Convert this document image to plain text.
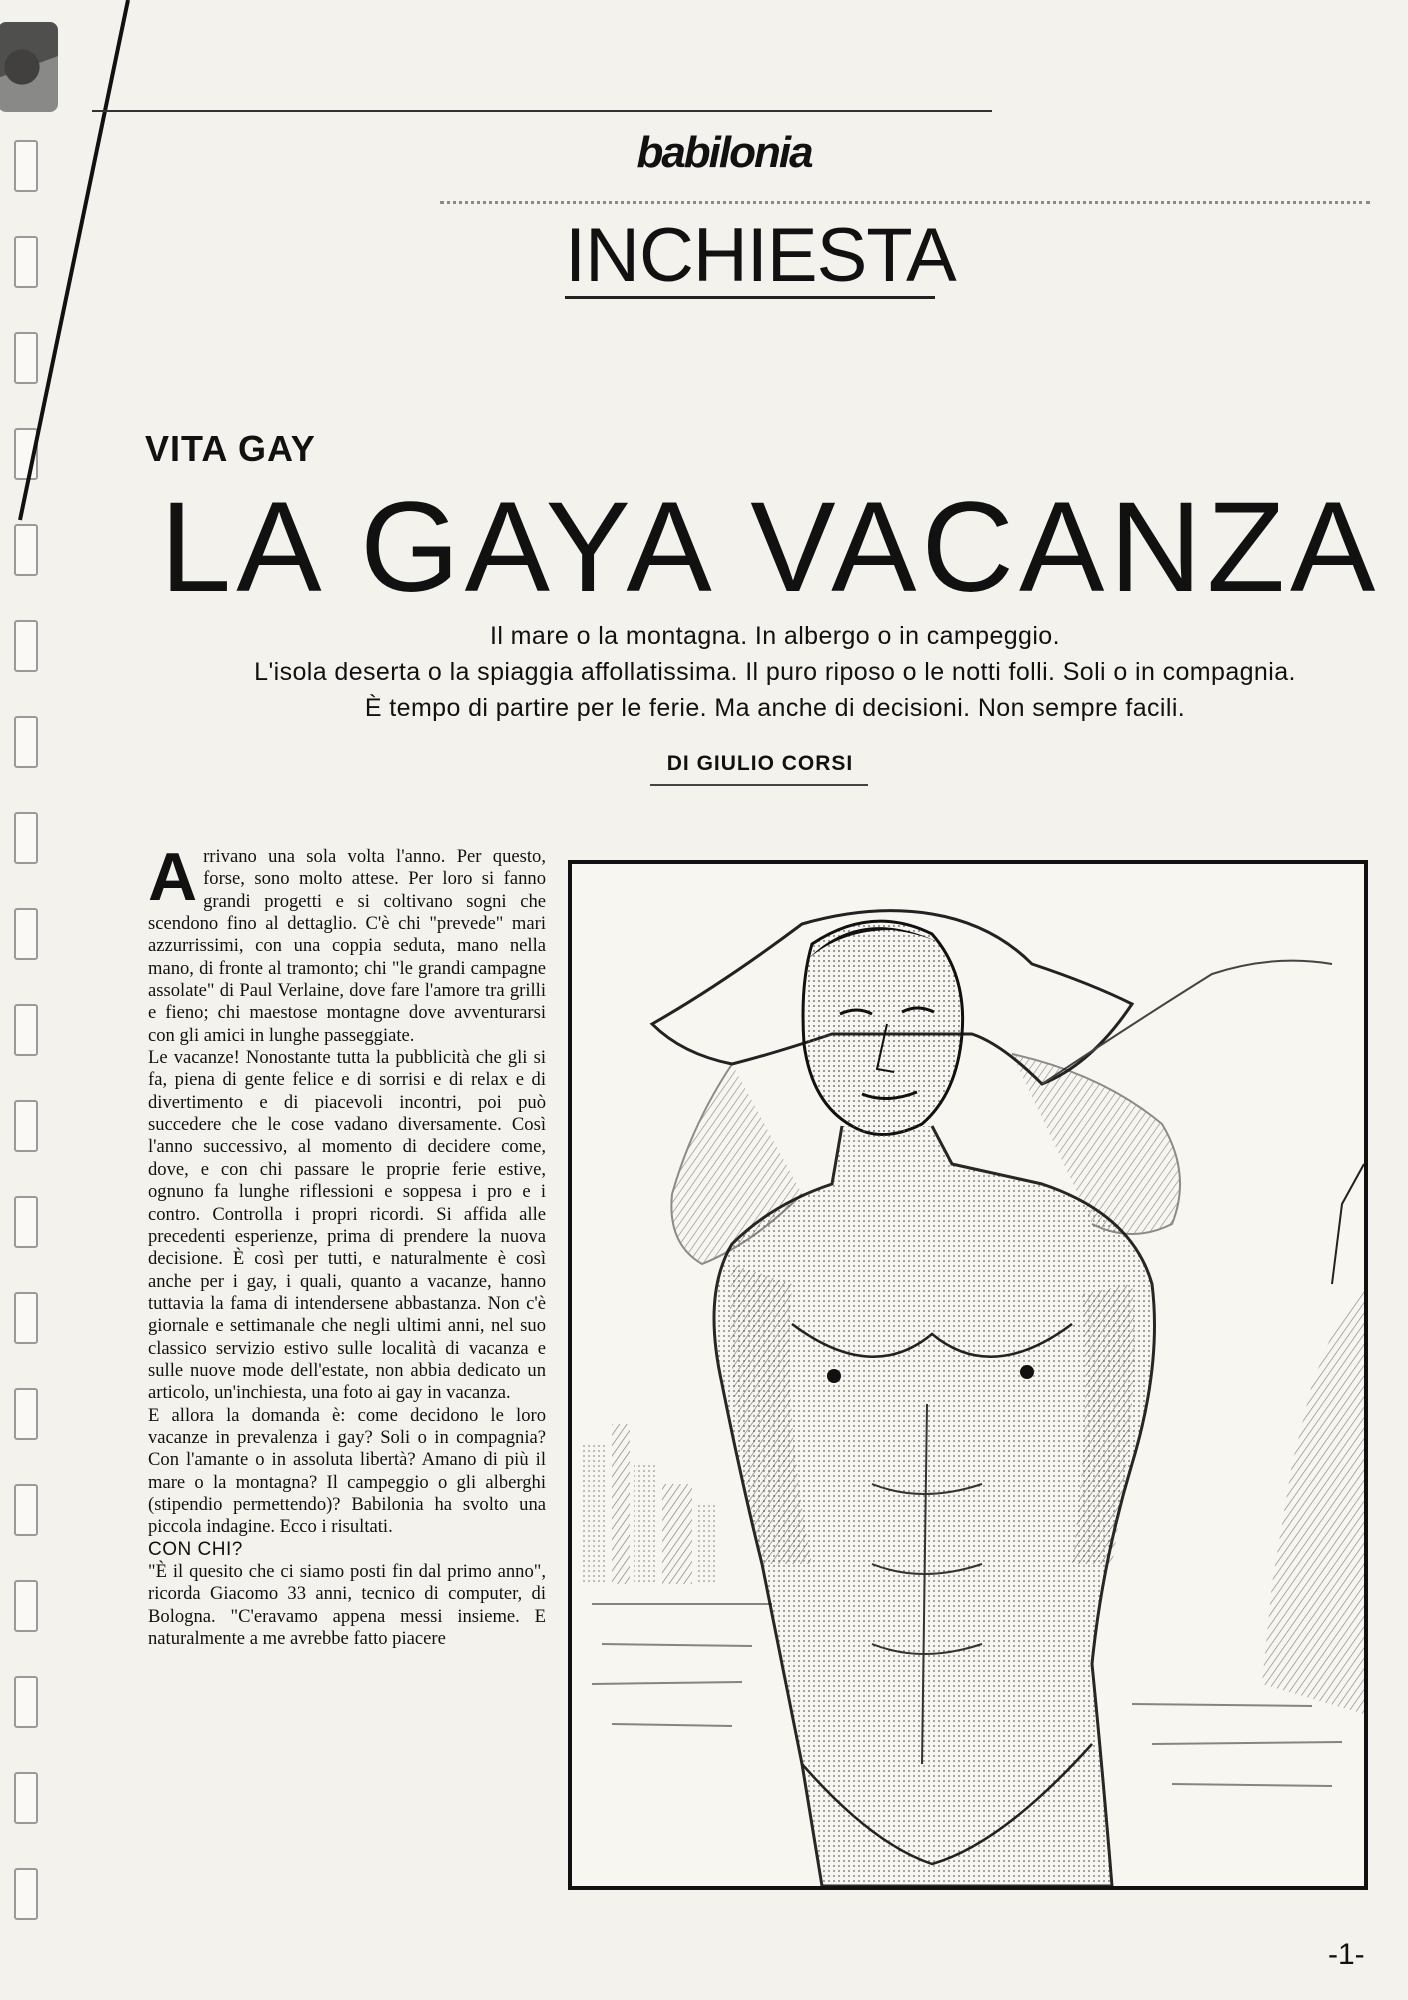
babilonia
INCHIESTA
VITA GAY
LA GAYA VACANZA
Il mare o la montagna. In albergo o in campeggio.
L'isola deserta o la spiaggia affollatissima. Il puro riposo o le notti folli. Soli o in compagnia.
È tempo di partire per le ferie. Ma anche di decisioni. Non sempre facili.
DI GIULIO CORSI
A rrivano una sola volta l'anno. Per questo, forse, sono molto attese. Per loro si fanno grandi progetti e si coltivano sogni che scendono fino al dettaglio. C'è chi "prevede" mari azzurrissimi, con una coppia seduta, mano nella mano, di fronte al tramonto; chi "le grandi campagne assolate" di Paul Verlaine, dove fare l'amore tra grilli e fieno; chi maestose montagne dove avventurarsi con gli amici in lunghe passeggiate.

Le vacanze! Nonostante tutta la pubblicità che gli si fa, piena di gente felice e di sorrisi e di relax e di divertimento e di piacevoli incontri, poi può succedere che le cose vadano diversamente. Così l'anno successivo, al momento di decidere come, dove, e con chi passare le proprie ferie estive, ognuno fa lunghe riflessioni e soppesa i pro e i contro. Controlla i propri ricordi. Si affida alle precedenti esperienze, prima di prendere la nuova decisione. È così per tutti, e naturalmente è così anche per i gay, i quali, quanto a vacanze, hanno tuttavia la fama di intendersene abbastanza. Non c'è giornale e settimanale che negli ultimi anni, nel suo classico servizio estivo sulle località di vacanza e sulle nuove mode dell'estate, non abbia dedicato un articolo, un'inchiesta, una foto ai gay in vacanza.

E allora la domanda è: come decidono le loro vacanze in prevalenza i gay? Soli o in compagnia? Con l'amante o in assoluta libertà? Amano di più il mare o la montagna? Il campeggio o gli alberghi (stipendio permettendo)? Babilonia ha svolto una piccola indagine. Ecco i risultati.

CON CHI?

"È il quesito che ci siamo posti fin dal primo anno", ricorda Giacomo 33 anni, tecnico di computer, di Bologna. "C'eravamo appena messi insieme. E naturalmente a me avrebbe fatto piacere

-1-
